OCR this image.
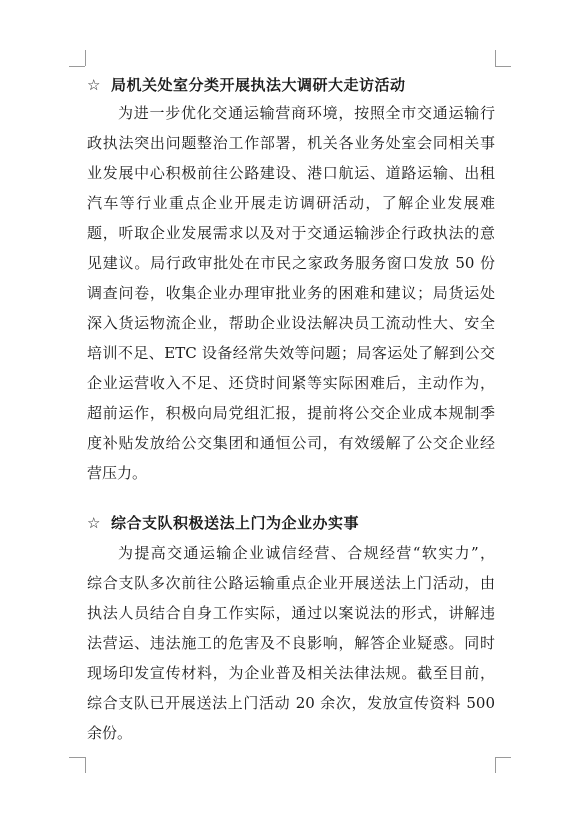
☆ 局机关处室分类开展执法大调研大走访活动
为进一步优化交通运输营商环境，按照全市交通运输行
政执法突出问题整治工作部署，机关各业务处室会同相关事
业发展中心积极前往公路建设、港口航运、道路运输、出租
汽车等行业重点企业开展走访调研活动，了解企业发展难
题，听取企业发展需求以及对于交通运输涉企行政执法的意
见建议。局行政审批处在市民之家政务服务窗口发放 50 份
调查问卷，收集企业办理审批业务的困难和建议；局货运处
深入货运物流企业，帮助企业设法解决员工流动性大、安全
培训不足、ETC 设备经常失效等问题；局客运处了解到公交
企业运营收入不足、还贷时间紧等实际困难后，主动作为，
超前运作，积极向局党组汇报，提前将公交企业成本规制季
度补贴发放给公交集团和通恒公司，有效缓解了公交企业经
营压力。
☆ 综合支队积极送法上门为企业办实事
为提高交通运输企业诚信经营、合规经营“软实力”，
综合支队多次前往公路运输重点企业开展送法上门活动，由
执法人员结合自身工作实际，通过以案说法的形式，讲解违
法营运、违法施工的危害及不良影响，解答企业疑惑。同时
现场印发宣传材料，为企业普及相关法律法规。截至目前，
综合支队已开展送法上门活动 20 余次，发放宣传资料 500
余份。
